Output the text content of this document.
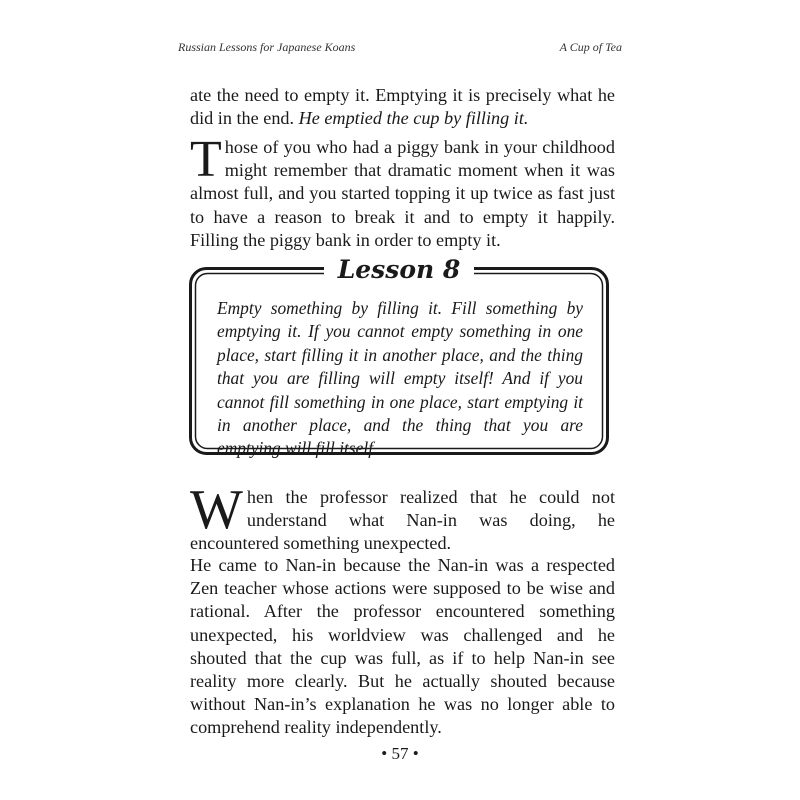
Russian Lessons for Japanese Koans	A Cup of Tea
ate the need to empty it. Emptying it is precisely what he did in the end. He emptied the cup by filling it.
Those of you who had a piggy bank in your childhood might remember that dramatic moment when it was almost full, and you started topping it up twice as fast just to have a reason to break it and to empty it happily. Filling the piggy bank in order to empty it.
Lesson 8
Empty something by filling it. Fill something by emptying it. If you cannot empty something in one place, start filling it in another place, and the thing that you are filling will empty itself! And if you cannot fill something in one place, start emptying it in another place, and the thing that you are emptying will fill itself.
When the professor realized that he could not understand what Nan-in was doing, he encountered something unexpected.
He came to Nan-in because the Nan-in was a respected Zen teacher whose actions were supposed to be wise and rational. After the professor encountered something unexpected, his worldview was challenged and he shouted that the cup was full, as if to help Nan-in see reality more clearly. But he actually shouted because without Nan-in’s explanation he was no longer able to comprehend reality independently.
• 57 •
